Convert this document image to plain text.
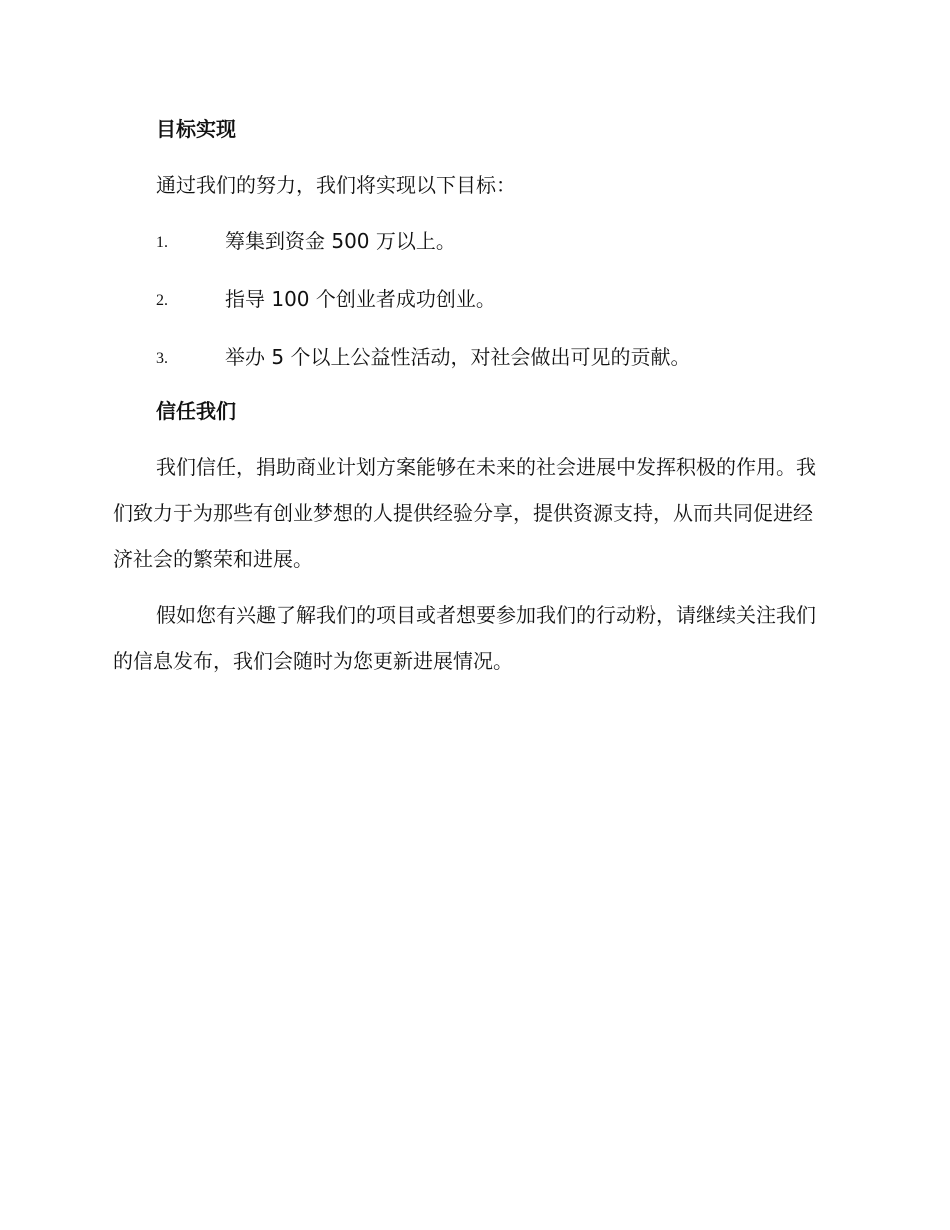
目标实现

通过我们的努力，我们将实现以下目标：

1.	筹集到资金 500 万以上。
2.	指导 100 个创业者成功创业。
3.	举办 5 个以上公益性活动，对社会做出可见的贡献。
信任我们

我们信任，捐助商业计划方案能够在未来的社会进展中发挥积极的作用。我们致力于为那些有创业梦想的人提供经验分享，提供资源支持，从而共同促进经济社会的繁荣和进展。

假如您有兴趣了解我们的项目或者想要参加我们的行动粉，请继续关注我们的信息发布，我们会随时为您更新进展情况。
